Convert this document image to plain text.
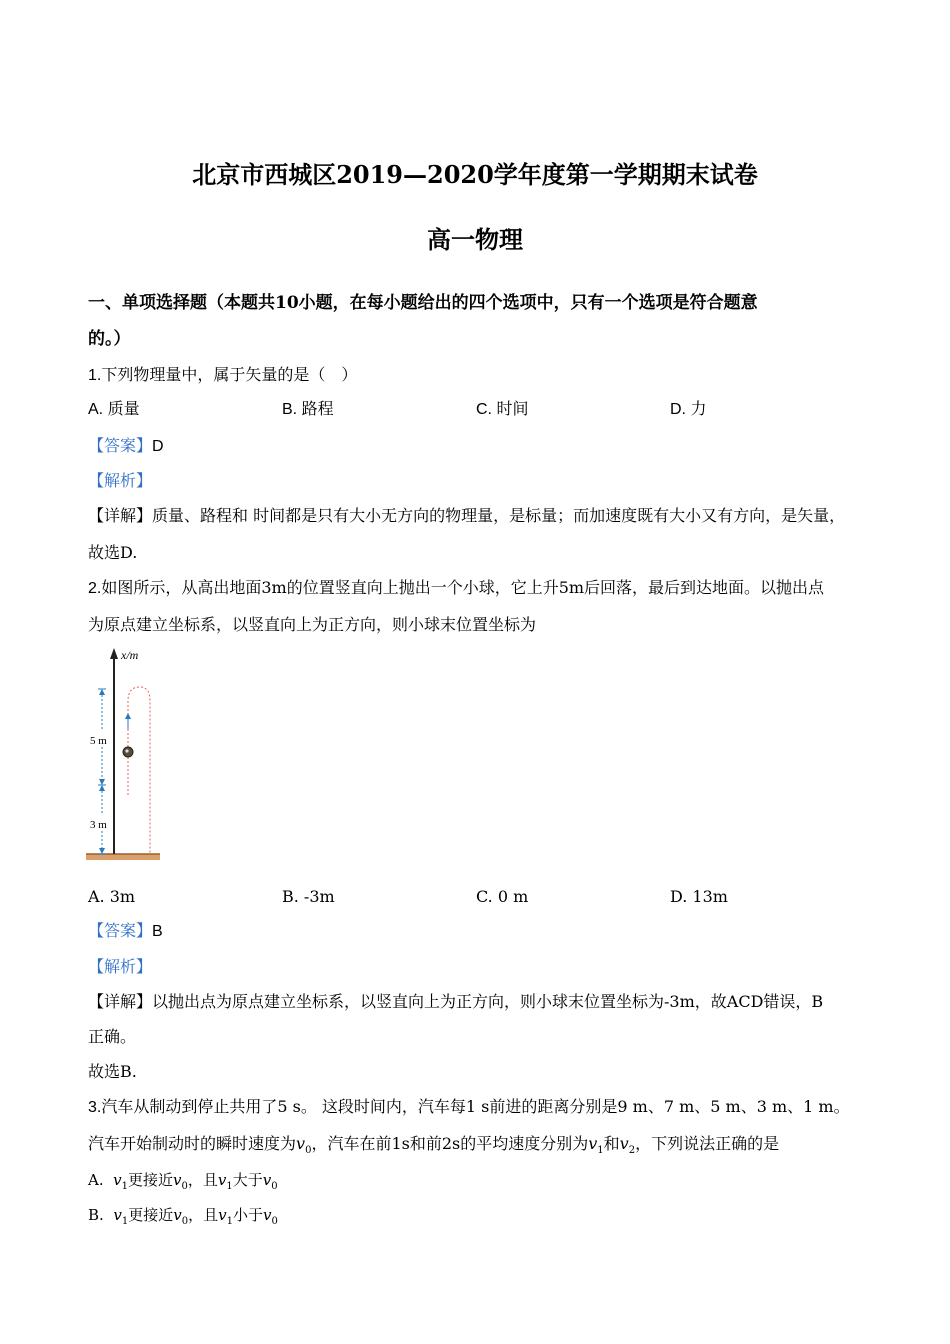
北京市西城区2019—2020学年度第一学期期末试卷
高一物理
一、单项选择题（本题共10小题，在每小题给出的四个选项中，只有一个选项是符合题意
的。）
1.下列物理量中，属于矢量的是（　）
A. 质量	B. 路程	C. 时间	D. 力
【答案】D
【解析】
【详解】质量、路程和 时间都是只有大小无方向的物理量，是标量；而加速度既有大小又有方向，是矢量，
故选D.
2.如图所示，从高出地面3m的位置竖直向上抛出一个小球，它上升5m后回落，最后到达地面。以抛出点
为原点建立坐标系，以竖直向上为正方向，则小球末位置坐标为
x/m
5 m
3 m
A. 3m	B. -3m	C. 0 m	D. 13m
【答案】B
【解析】
【详解】以抛出点为原点建立坐标系，以竖直向上为正方向，则小球末位置坐标为-3m，故ACD错误，B
正确。
故选B.
3.汽车从制动到停止共用了5 s。 这段时间内，汽车每1 s前进的距离分别是9 m、7 m、5 m、3 m、1 m。
汽车开始制动时的瞬时速度为$v_0$，汽车在前1s和前2s的平均速度分别为$v_1$和$v_2$，下列说法正确的是
A. $v_1$更接近$v_0$，且$v_1$大于$v_0$
B. $v_1$更接近$v_0$，且$v_1$小于$v_0$
